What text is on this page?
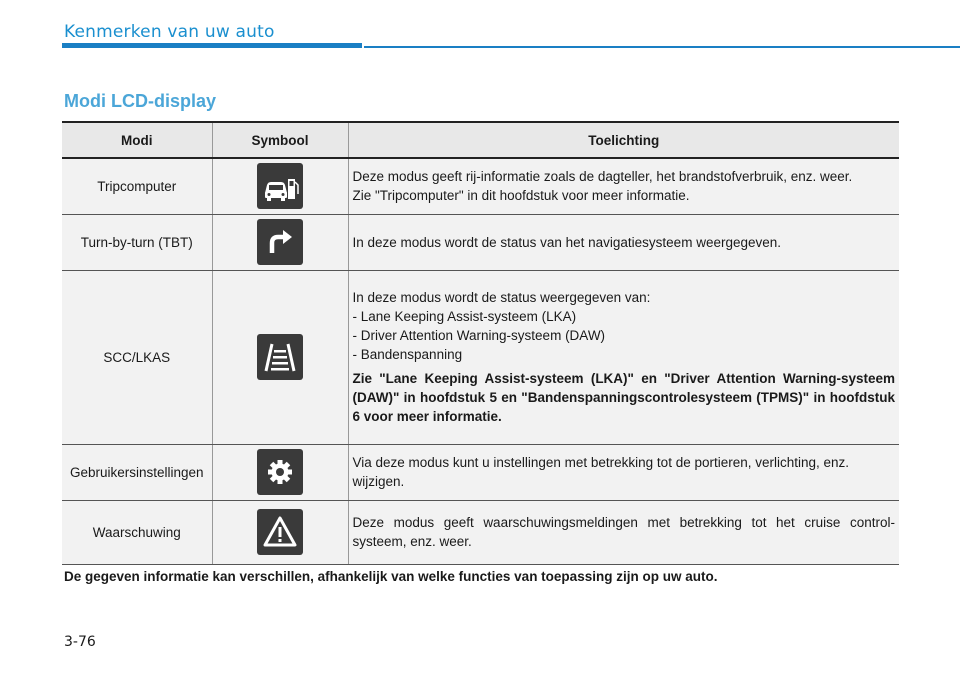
Kenmerken van uw auto
Modi LCD-display
Modi	Symbool	Toelichting
Tripcomputer		Deze modus geeft rij-informatie zoals de dagteller, het brandstofverbruik, enz. weer.
Zie "Tripcomputer" in dit hoofdstuk voor meer informatie.

Turn-by-turn (TBT)		In deze modus wordt de status van het navigatiesysteem weergegeven.
SCC/LKAS		In deze modus wordt de status weergegeven van:
- Lane Keeping Assist-systeem (LKA)
- Driver Attention Warning-systeem (DAW)
- Bandenspanning
Zie "Lane Keeping Assist-systeem (LKA)" en "Driver Attention Warning-systeem (DAW)" in hoofdstuk 5 en "Bandenspanningscontrolesysteem (TPMS)" in hoofdstuk 6 voor meer informatie.

Gebruikersinstellingen		Via deze modus kunt u instellingen met betrekking tot de portieren, verlichting, enz. wijzigen.
Waarschuwing		Deze modus geeft waarschuwingsmeldingen met betrekking tot het cruise control-systeem, enz. weer.
De gegeven informatie kan verschillen, afhankelijk van welke functies van toepassing zijn op uw auto.
3-76
